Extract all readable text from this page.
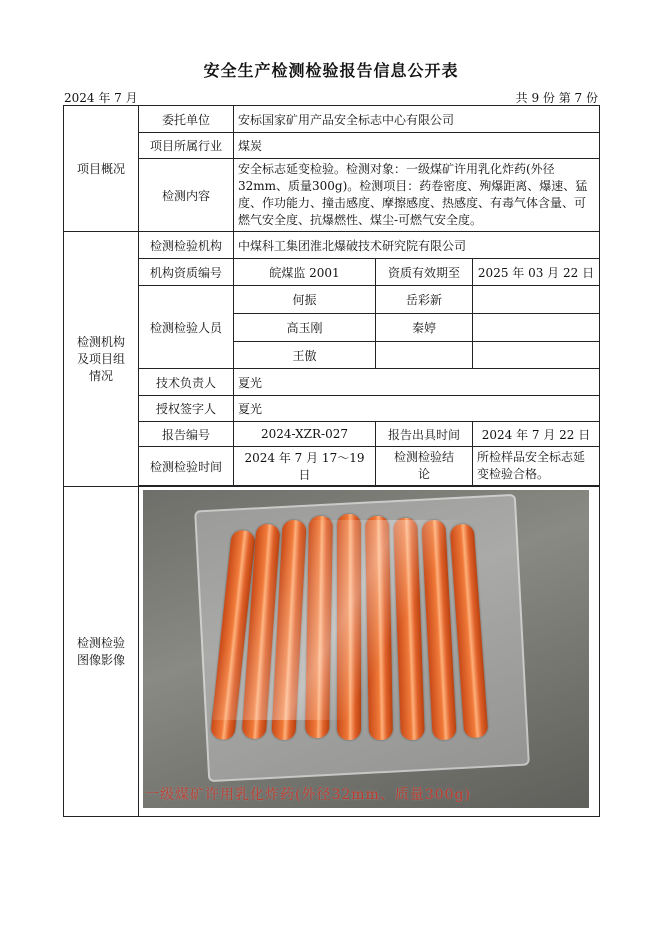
安全生产检测检验报告信息公开表
2024 年 7 月	共 9 份 第 7 份
项目概况	委托单位	安标国家矿用产品安全标志中心有限公司		
	项目所属行业	煤炭		
	检测内容	安全标志延变检验。检测对象：一级煤矿许用乳化炸药(外径32mm、质量300g)。检测项目：药卷密度、殉爆距离、爆速、猛度、作功能力、撞击感度、摩擦感度、热感度、有毒气体含量、可燃气安全度、抗爆燃性、煤尘-可燃气安全度。		
检测机构及项目组情况	检测检验机构	中煤科工集团淮北爆破技术研究院有限公司		
	机构资质编号	皖煤监 2001	资质有效期至	2025 年 03 月 22 日
	检测检验人员	何振	岳彩新	
		高玉刚	秦婷	
		王傲		
	技术负责人	夏光		
	授权签字人	夏光		
	报告编号	2024-XZR-027	报告出具时间	2024 年 7 月 22 日
	检测检验时间	2024 年 7 月 17～19 日	检测检验结论	所检样品安全标志延变检验合格。

检测检验图像影像	一级煤矿许用乳化炸药(外径32mm、质量300g)			
